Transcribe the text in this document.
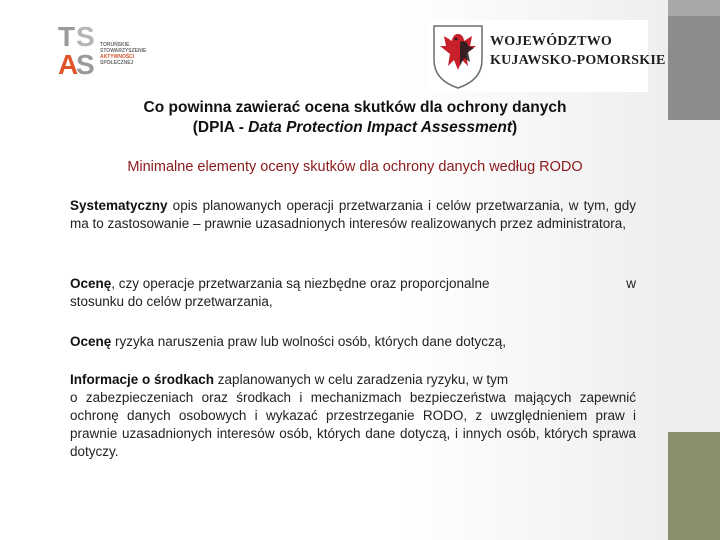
T S
A
S
TORUŃSKIE
STOWARZYSZENIE
AKTYWNOŚCI
SPOŁECZNEJ
WOJEWÓDZTWO
KUJAWSKO-POMORSKIE
Co powinna zawierać ocena skutków dla ochrony danych
(DPIA - Data Protection Impact Assessment)
Minimalne elementy oceny skutków dla ochrony danych według RODO
Systematyczny opis planowanych operacji przetwarzania i celów przetwarzania, w tym, gdy ma to zastosowanie – prawnie uzasadnionych interesów realizowanych przez administratora,
Ocenę, czy operacje przetwarzania są niezbędne oraz proporcjonalne	w
stosunku do celów przetwarzania,
Ocenę ryzyka naruszenia praw lub wolności osób, których dane dotyczą,
Informacje o środkach zaplanowanych w celu zaradzenia ryzyku, w tym
o zabezpieczeniach oraz środkach i mechanizmach bezpieczeństwa mających zapewnić ochronę danych osobowych i wykazać przestrzeganie RODO, z uwzględnieniem praw i prawnie uzasadnionych interesów osób, których dane dotyczą, i innych osób, których sprawa dotyczy.
